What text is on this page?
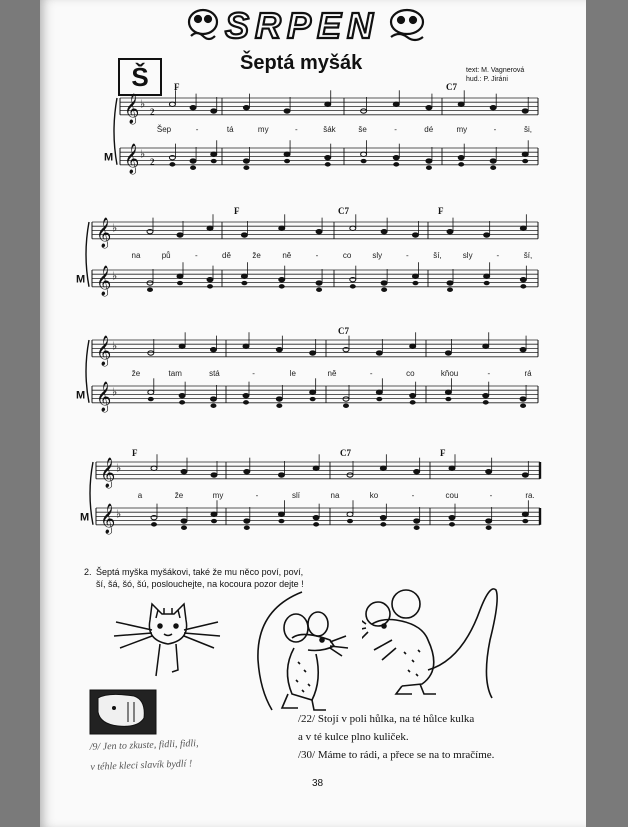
SRPEN
Š	Šeptá myšák	text: M. Vagnerová
hud.: P. Jiráni
𝄞 ♭
2
𝄞 ♭
2
M
F	C7
Šep	-	tá	my	-	šák	še	-	dé	my	-	ši,
𝄞 ♭
𝄞 ♭
M
F	C7	F
na	pů	-	dě	že	ně	-	co	sly	-	ší,	sly	-	ší,
𝄞 ♭
𝄞 ♭
M
C7
že	tam	stá	-	le	ně	-	co	kňou	-	rá
𝄞 ♭
𝄞 ♭
M
F	C7	F
a	že	my	-	slí	na	ko	-	cou	-	ra.
2. Šeptá myška myšákovi, také že mu něco poví, poví,
ší, šá, šó, šú, poslouchejte, na kocoura pozor dejte !
/9/ Jen to zkuste, fidli, fidli,
v téhle kleci slavík bydlí !
/22/ Stojí v poli hůlka, na té hůlce kulka
a v té kulce plno kuliček.
/30/ Máme to rádi, a přece se na to mračíme.
38
